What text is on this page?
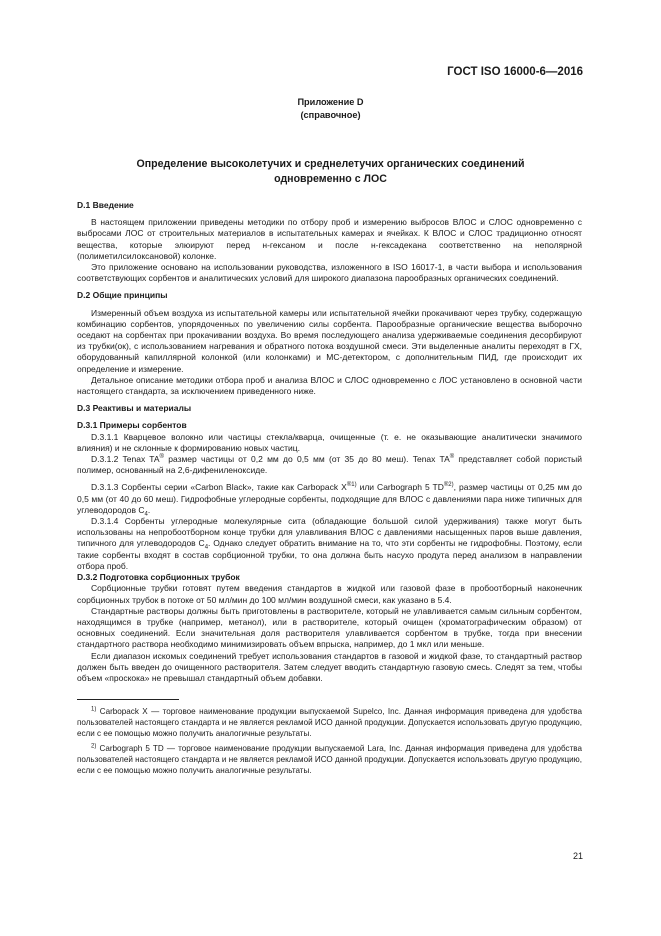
ГОСТ ISO 16000-6—2016
Приложение D
(справочное)
Определение высоколетучих и среднелетучих органических соединений
одновременно с ЛОС
D.1 Введение

В настоящем приложении приведены методики по отбору проб и измерению выбросов ВЛОС и СЛОС одновременно с выбросами ЛОС от строительных материалов в испытательных камерах и ячейках. К ВЛОС и СЛОС традиционно относят вещества, которые элюируют перед н-гексаном и после н-гексадекана соответственно на неполярной (полиметилсилоксановой) колонке.

Это приложение основано на использовании руководства, изложенного в ISO 16017-1, в части выбора и использования соответствующих сорбентов и аналитических условий для широкого диапазона парообразных органических соединений.

D.2 Общие принципы

Измеренный объем воздуха из испытательной камеры или испытательной ячейки прокачивают через трубку, содержащую комбинацию сорбентов, упорядоченных по увеличению силы сорбента. Парообразные органические вещества выборочно оседают на сорбентах при прокачивании воздуха. Во время последующего анализа удерживаемые соединения десорбируют из трубки(ок), с использованием нагревания и обратного потока воздушной смеси. Эти выделенные аналиты переходят в ГХ, оборудованный капиллярной колонкой (или колонками) и МС-детектором, с дополнительным ПИД, где происходит их определение и измерение.

Детальное описание методики отбора проб и анализа ВЛОС и СЛОС одновременно с ЛОС установлено в основной части настоящего стандарта, за исключением приведенного ниже.

D.3 Реактивы и материалы
D.3.1 Примеры сорбентов

D.3.1.1 Кварцевое волокно или частицы стекла/кварца, очищенные (т. е. не оказывающие аналитически значимого влияния) и не склонные к формированию новых частиц.

D.3.1.2 Tenax TA® размер частицы от 0,2 мм до 0,5 мм (от 35 до 80 меш). Tenax TA® представляет собой пористый полимер, основанный на 2,6-дифениленоксиде.

D.3.1.3 Сорбенты серии «Carbon Black», такие как Carbopack $X^{®1)}$ или Carbograph 5 $TD^{®2)}$, размер частицы от 0,25 мм до 0,5 мм (от 40 до 60 меш). Гидрофобные углеродные сорбенты, подходящие для ВЛОС с давлениями пара ниже типичных для углеводородов $С_4$.

D.3.1.4 Сорбенты углеродные молекулярные сита (обладающие большой силой удерживания) также могут быть использованы на непробоотборном конце трубки для улавливания ВЛОС с давлениями насыщенных паров выше давления, типичного для углеводородов $С_4$. Однако следует обратить внимание на то, что эти сорбенты не гидрофобны. Поэтому, если такие сорбенты входят в состав сорбционной трубки, то она должна быть насухо продута перед анализом в направлении отбора проб.

D.3.2 Подготовка сорбционных трубок

Сорбционные трубки готовят путем введения стандартов в жидкой или газовой фазе в пробоотборный наконечник сорбционных трубок в потоке от 50 мл/мин до 100 мл/мин воздушной смеси, как указано в 5.4.

Стандартные растворы должны быть приготовлены в растворителе, который не улавливается самым сильным сорбентом, находящимся в трубке (например, метанол), или в растворителе, который очищен (хроматографическим образом) от основных соединений. Если значительная доля растворителя улавливается сорбентом в трубке, тогда при внесении стандартного раствора необходимо минимизировать объем впрыска, например, до 1 мкл или меньше.

Если диапазон искомых соединений требует использования стандартов в газовой и жидкой фазе, то стандартный раствор должен быть введен до очищенного растворителя. Затем следует вводить стандартную газовую смесь. Следят за тем, чтобы объем «проскока» не превышал стандартный объем добавки.

$^{1)}$ Carbopack X — торговое наименование продукции выпускаемой Supelco, Inc. Данная информация приведена для удобства пользователей настоящего стандарта и не является рекламой ИСО данной продукции. Допускается использовать другую продукцию, если с ее помощью можно получить аналогичные результаты.

$^{2)}$ Carbograph 5 TD — торговое наименование продукции выпускаемой Lara, Inc. Данная информация приведена для удобства пользователей настоящего стандарта и не является рекламой ИСО данной продукции. Допускается использовать другую продукцию, если с ее помощью можно получить аналогичные результаты.

21
